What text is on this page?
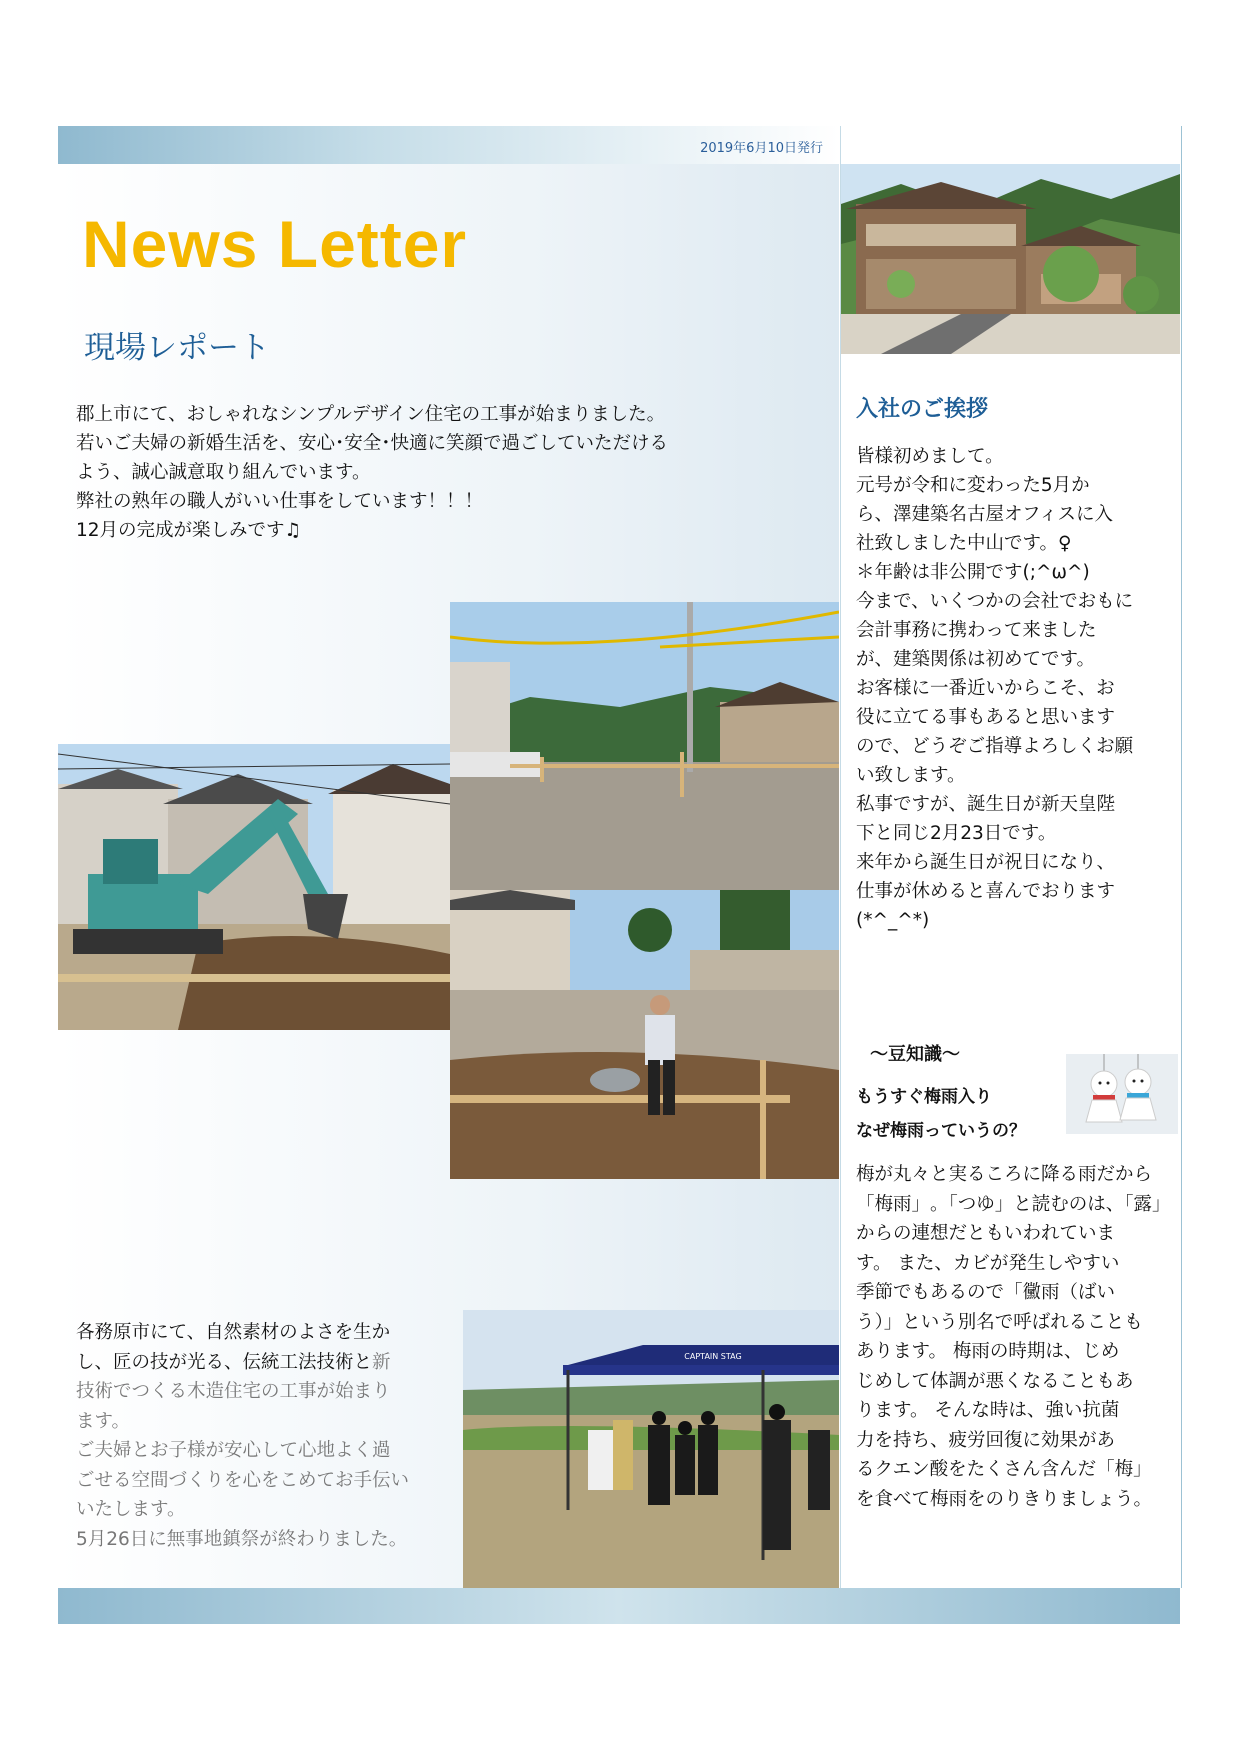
2019年6月10日発行
News Letter
現場レポート

郡上市にて、おしゃれなシンプルデザイン住宅の工事が始まりました。

若いご夫婦の新婚生活を、安心･安全･快適に笑顔で過ごしていただける

よう、誠心誠意取り組んでいます。

弊社の熟年の職人がいい仕事をしています！！！

12月の完成が楽しみです♫

CAPTAIN STAG
入社のご挨拶

皆様初めまして。

元号が令和に変わった5月か

ら、澤建築名古屋オフィスに入

社致しました中山です。♀

＊年齢は非公開です(;^ω^)

今まで、いくつかの会社でおもに

会計事務に携わって来ました

が、建築関係は初めてです。

お客様に一番近いからこそ、お

役に立てる事もあると思います

ので、どうぞご指導よろしくお願

い致します。

私事ですが、誕生日が新天皇陛

下と同じ2月23日です。

来年から誕生日が祝日になり、

仕事が休めると喜んでおります

(*^_^*)

～豆知識～
もうすぐ梅雨入り
なぜ梅雨っていうの？

梅が丸々と実るころに降る雨だから

「梅雨」｡「つゆ」と読むのは、「露」

からの連想だともいわれていま

す。 また、カビが発生しやすい

季節でもあるので「黴雨（ばい

う）」という別名で呼ばれることも

あります。 梅雨の時期は、じめ

じめして体調が悪くなることもあ

ります。 そんな時は、強い抗菌

力を持ち、疲労回復に効果があ

るクエン酸をたくさん含んだ「梅」

を食べて梅雨をのりきりましょう。

各務原市にて、自然素材のよさを生か

し、匠の技が光る、伝統工法技術と新

技術でつくる木造住宅の工事が始まり

ます。

ご夫婦とお子様が安心して心地よく過

ごせる空間づくりを心をこめてお手伝い

いたします。

5月26日に無事地鎮祭が終わりました。
